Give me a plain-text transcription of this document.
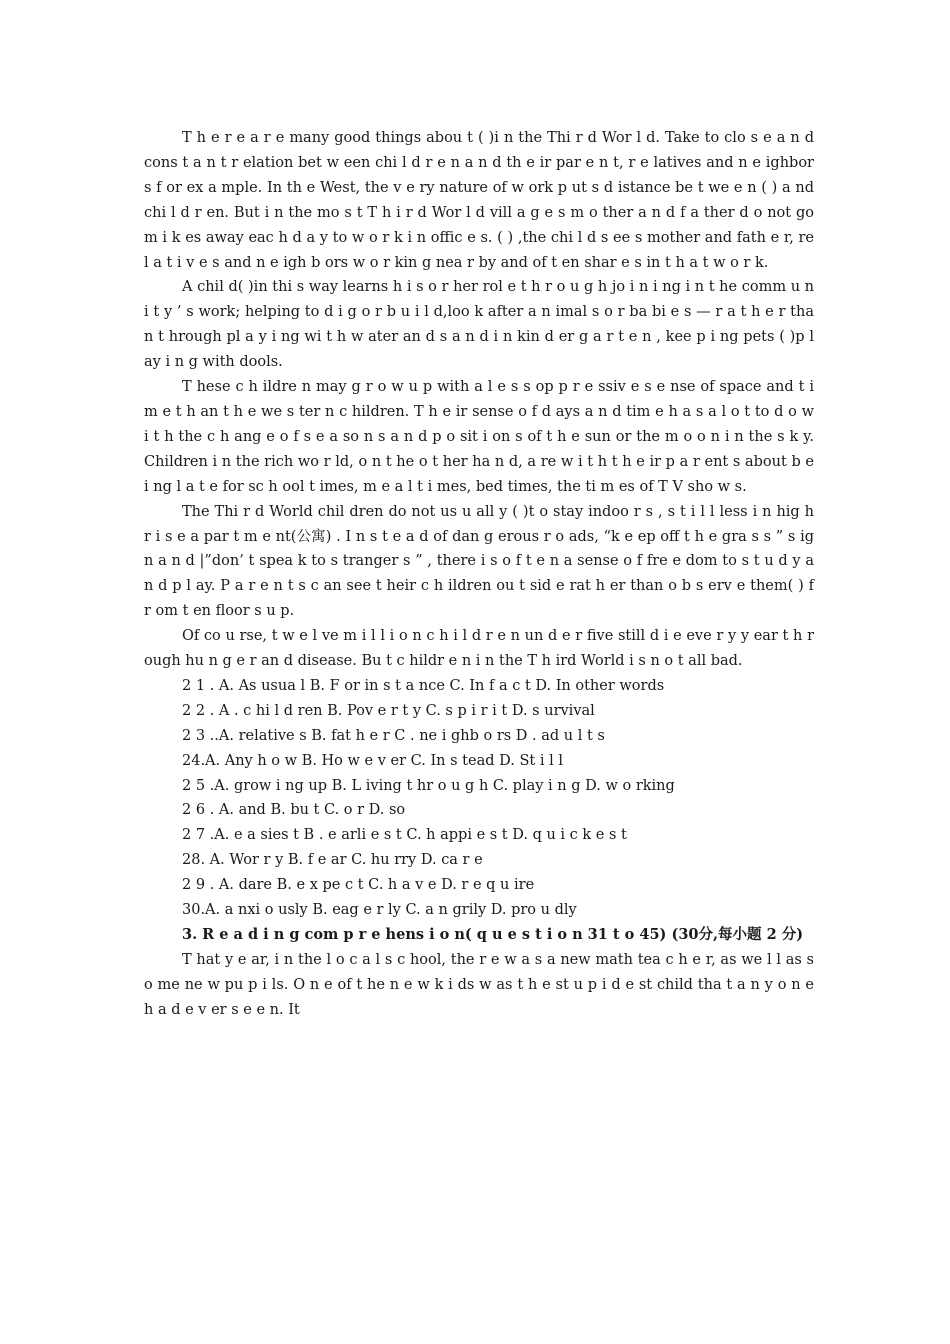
T h e r e a r e many good things abou t ( )i n the Thi r d Wor l d. Take to clo s e a n d cons t a n t r elation bet w een chi l d r e n a n d th e ir par e n t, r e latives and n e ighbors f or ex a mple. In th e West, the v e ry nature of w ork p ut s d istance be t we e n ( ) a nd chi l d r en. But i n the mo s t T h i r d Wor l d vill a g e s m o ther a n d f a ther d o not go m i k es away eac h d a y to w o r k i n offic e s. ( ) ,the chi l d s ee s mother and fath e r, rel a t i v e s and n e igh b ors w o r kin g nea r by and of t en shar e s in t h a t w o r k.

A chil d( )in thi s way learns h i s o r her rol e t h r o u g h jo i n i ng i n t he comm u ni t y ’ s work; helping to d i g o r b u i l d,loo k after a n imal s o r ba bi e s — r a t h e r than t hrough pl a y i ng wi t h w ater an d s a n d i n kin d er g a r t e n , kee p i ng pets ( )p l ay i n g with dools.

T hese c h ildre n may g r o w u p with a l e s s op p r e ssiv e s e nse of space and t i m e t h an t h e we s ter n c hildren. T h e ir sense o f d ays a n d tim e h a s a l o t to d o w i t h the c h ang e o f s e a so n s a n d p o sit i on s of t h e sun or the m o o n i n the s k y. Children i n the rich wo r ld, o n t he o t her ha n d, a re w i t h t h e ir p a r ent s about b e i ng l a t e for sc h ool t imes, m e a l t i mes, bed times, the ti m es of T V sho w s.

The Thi r d World chil dren do not us u all y ( )t o stay indoo r s , s t i l l less i n hig h r i s e a par t m e nt(公寓) . I n s t e a d of dan g erous r o ads, “k e ep off t h e gra s s ” s ign a n d |”don’ t spea k to s tranger s ” , there i s o f t e n a sense o f fre e dom to s t u d y a n d p l ay. P a r e n t s c an see t heir c h ildren ou t sid e rat h er than o b s erv e them( ) f r om t en floor s u p.

Of co u rse, t w e l ve m i l l i o n c h i l d r e n un d e r five still d i e eve r y y ear t h rough hu n g e r an d disease. Bu t c hildr e n i n the T h ird World i s n o t all bad.

2 1 . A. As usua l B. F or in s t a nce C. In f a c t D. In other words

2 2 . A . c hi l d ren B. Pov e r t y C. s p i r i t D. s urvival

2 3 ..A. relative s B. fat h e r C . ne i ghb o rs D . ad u l t s

24.A. Any h o w B. Ho w e v er C. In s tead D. St i l l

2 5 .A. grow i ng up B. L iving t hr o u g h C. play i n g D. w o rking

2 6 . A. and B. bu t C. o r D. so

2 7 .A. e a sies t B . e arli e s t C. h appi e s t D. q u i c k e s t

28. A. Wor r y B. f e ar C. hu rry D. ca r e

2 9 . A. dare B. e x pe c t C. h a v e D. r e q u ire

30.A. a nxi o usly B. eag e r ly C. a n grily D. pro u dly

3. R e a d i n g com p r e hens i o n( q u e s t i o n 31 t o 45) (30分,每小题 2 分)

T hat y e ar, i n the l o c a l s c hool, the r e w a s a new math tea c h e r, as we l l as s o me ne w pu p i ls. O n e of t he n e w k i ds w as t h e st u p i d e st child tha t a n y o n e h a d e v er s e e n. It
